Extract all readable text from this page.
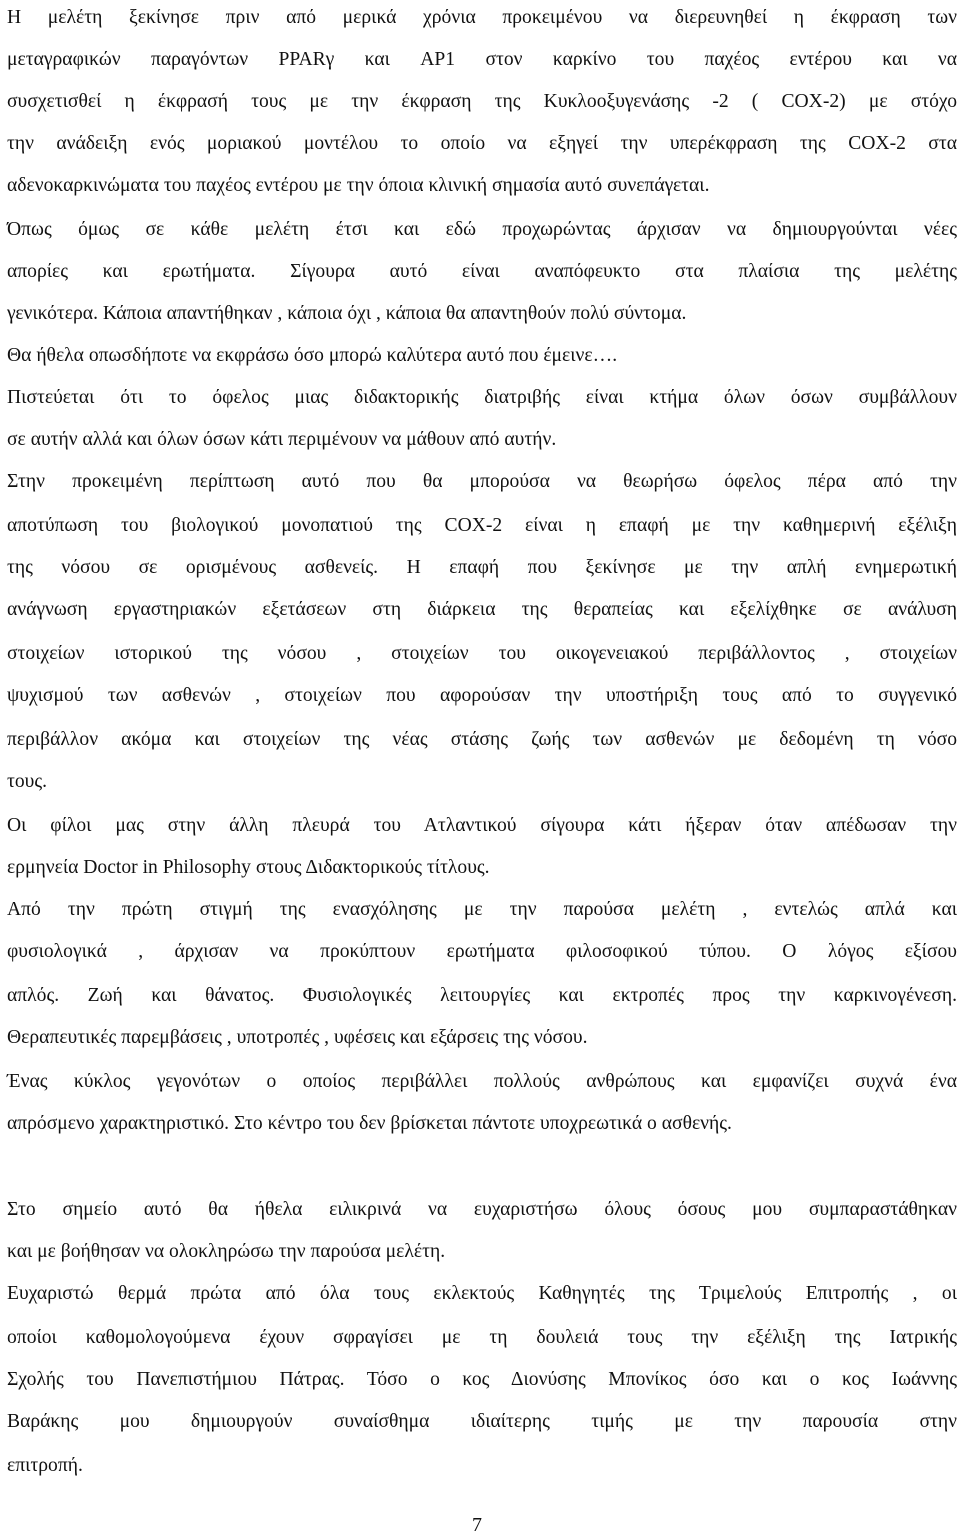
Η μελέτη ξεκίνησε πριν από μερικά χρόνια προκειμένου να διερευνηθεί η έκφραση των
μεταγραφικών παραγόντων PPARγ και AP1 στον καρκίνο του παχέος εντέρου και να
συσχετισθεί η έκφρασή τους με την έκφραση της Κυκλοοξυγενάσης -2 ( COX-2) με στόχο
την ανάδειξη ενός μοριακού μοντέλου το οποίο να εξηγεί την υπερέκφραση της COX-2 στα
αδενοκαρκινώματα του παχέος εντέρου με την όποια κλινική σημασία αυτό συνεπάγεται.
Όπως όμως σε κάθε μελέτη έτσι και εδώ προχωρώντας άρχισαν να δημιουργούνται νέες
απορίες και ερωτήματα. Σίγουρα αυτό είναι αναπόφευκτο στα πλαίσια της μελέτης
γενικότερα. Κάποια απαντήθηκαν , κάποια όχι , κάποια θα απαντηθούν πολύ σύντομα.
Θα ήθελα οπωσδήποτε να εκφράσω όσο μπορώ καλύτερα αυτό που έμεινε….
Πιστεύεται ότι το όφελος μιας διδακτορικής διατριβής είναι κτήμα όλων όσων συμβάλλουν
σε αυτήν αλλά και όλων όσων κάτι περιμένουν να μάθουν από αυτήν.
Στην προκειμένη περίπτωση αυτό που θα μπορούσα να θεωρήσω όφελος πέρα από την
αποτύπωση του βιολογικού μονοπατιού της COX-2 είναι η επαφή με την καθημερινή εξέλιξη
της νόσου σε ορισμένους ασθενείς. Η επαφή που ξεκίνησε με την απλή ενημερωτική
ανάγνωση εργαστηριακών εξετάσεων στη διάρκεια της θεραπείας και εξελίχθηκε σε ανάλυση
στοιχείων ιστορικού της νόσου , στοιχείων του οικογενειακού περιβάλλοντος , στοιχείων
ψυχισμού των ασθενών , στοιχείων που αφορούσαν την υποστήριξη τους από το συγγενικό
περιβάλλον ακόμα και στοιχείων της νέας στάσης ζωής των ασθενών με δεδομένη τη νόσο
τους.
Οι φίλοι μας στην άλλη πλευρά του Ατλαντικού σίγουρα κάτι ήξεραν όταν απέδωσαν την
ερμηνεία Doctor in Philosophy στους Διδακτορικούς τίτλους.
Από την πρώτη στιγμή της ενασχόλησης με την παρούσα μελέτη , εντελώς απλά και
φυσιολογικά , άρχισαν να προκύπτουν ερωτήματα φιλοσοφικού τύπου. Ο λόγος εξίσου
απλός. Ζωή και θάνατος. Φυσιολογικές λειτουργίες και εκτροπές προς την καρκινογένεση.
Θεραπευτικές παρεμβάσεις , υποτροπές , υφέσεις και εξάρσεις της νόσου.
Ένας κύκλος γεγονότων ο οποίος περιβάλλει πολλούς ανθρώπους και εμφανίζει συχνά ένα
απρόσμενο χαρακτηριστικό. Στο κέντρο του δεν βρίσκεται πάντοτε υποχρεωτικά ο ασθενής.
Στο σημείο αυτό θα ήθελα ειλικρινά να ευχαριστήσω όλους όσους μου συμπαραστάθηκαν
και με βοήθησαν να ολοκληρώσω την παρούσα μελέτη.
Ευχαριστώ θερμά πρώτα από όλα τους εκλεκτούς Καθηγητές της Τριμελούς Επιτροπής , οι
οποίοι καθομολογούμενα έχουν σφραγίσει με τη δουλειά τους την εξέλιξη της Ιατρικής
Σχολής του Πανεπιστήμιου Πάτρας. Τόσο ο κος Διονύσης Μπονίκος όσο και ο κος Ιωάννης
Βαράκης μου δημιουργούν συναίσθημα ιδιαίτερης τιμής με την παρουσία στην
επιτροπή.
7
